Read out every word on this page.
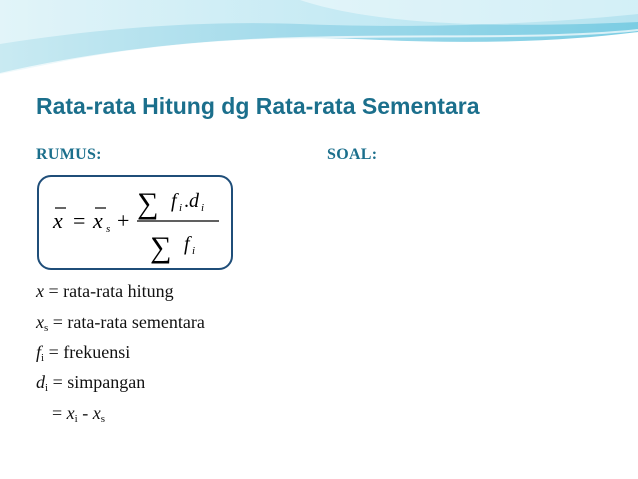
Rata-rata Hitung dg Rata-rata Sementara
RUMUS:	SOAL:
x = x s +
∑ f i . d i
∑ f i
x = rata-rata hitung
$x_s$ = rata-rata sementara
$f_i$ = frekuensi
$d_i$ = simpangan
= $x_i - x_s$
